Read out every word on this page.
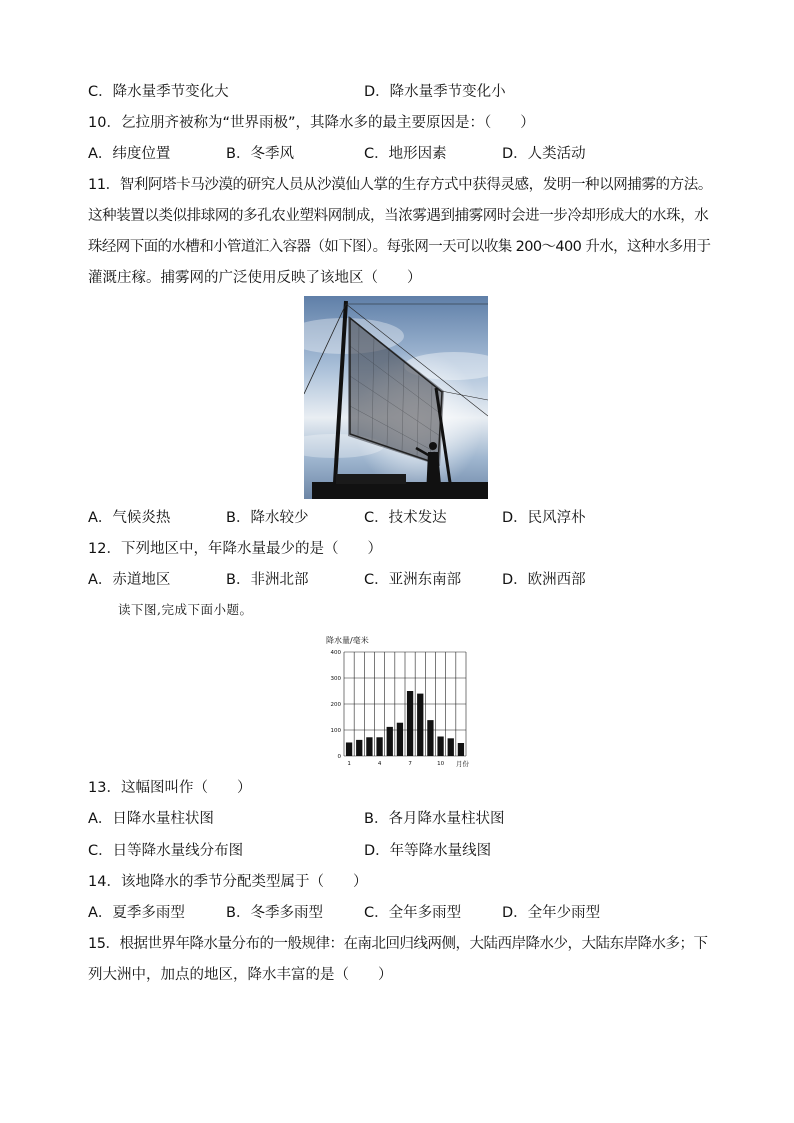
C．降水量季节变化大	D．降水量季节变化小
10．乞拉朋齐被称为“世界雨极”，其降水多的最主要原因是：（　　）
A．纬度位置	B．冬季风	C．地形因素	D．人类活动
11．智利阿塔卡马沙漠的研究人员从沙漠仙人掌的生存方式中获得灵感，发明一种以网捕雾的方法。
这种装置以类似排球网的多孔农业塑料网制成，当浓雾遇到捕雾网时会进一步冷却形成大的水珠，水
珠经网下面的水槽和小管道汇入容器（如下图）。每张网一天可以收集 200～400 升水，这种水多用于
灌溉庄稼。捕雾网的广泛使用反映了该地区（　　）
A．气候炎热	B．降水较少	C．技术发达	D．民风淳朴
12．下列地区中，年降水量最少的是（　　）
A．赤道地区	B．非洲北部	C．亚洲东南部	D．欧洲西部
读下图,完成下面小题。
降水量/毫米
0
100
200
300
400
1	4	7	10 月份
13．这幅图叫作（　　）
A．日降水量柱状图	B．各月降水量柱状图
C．日等降水量线分布图	D．年等降水量线图
14．该地降水的季节分配类型属于（　　）
A．夏季多雨型	B．冬季多雨型	C．全年多雨型	D．全年少雨型
15．根据世界年降水量分布的一般规律：在南北回归线两侧，大陆西岸降水少，大陆东岸降水多；下
列大洲中，加点的地区，降水丰富的是（　　）
